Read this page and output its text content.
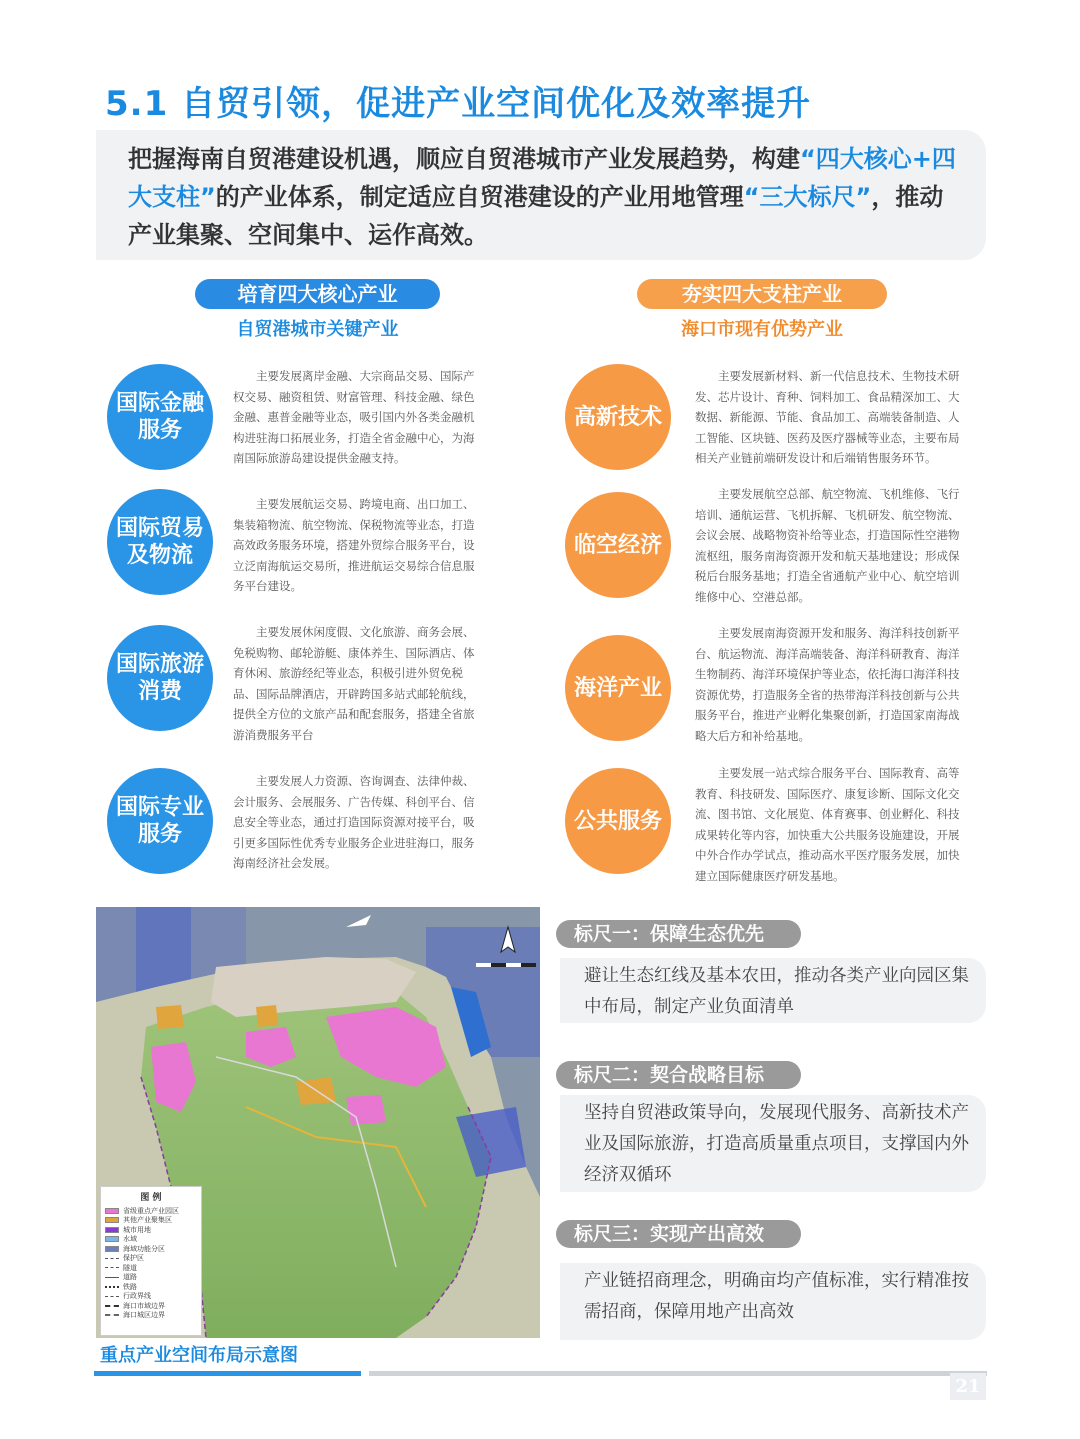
5.1 自贸引领，促进产业空间优化及效率提升
把握海南自贸港建设机遇，顺应自贸港城市产业发展趋势，构建“四大核心+四大支柱”的产业体系，制定适应自贸港建设的产业用地管理“三大标尺”，推动产业集聚、空间集中、运作高效。
培育四大核心产业
自贸港城市关键产业
夯实四大支柱产业
海口市现有优势产业
国际金融服务
主要发展离岸金融、大宗商品交易、国际产权交易、融资租赁、财富管理、科技金融、绿色金融、惠普金融等业态，吸引国内外各类金融机构进驻海口拓展业务，打造全省金融中心，为海南国际旅游岛建设提供金融支持。
国际贸易及物流
主要发展航运交易、跨境电商、出口加工、集装箱物流、航空物流、保税物流等业态，打造高效政务服务环境，搭建外贸综合服务平台，设立泛南海航运交易所，推进航运交易综合信息服务平台建设。
国际旅游消费
主要发展休闲度假、文化旅游、商务会展、免税购物、邮轮游艇、康体养生、国际酒店、体育休闲、旅游经纪等业态，积极引进外贸免税品、国际品牌酒店，开辟跨国多站式邮轮航线，提供全方位的文旅产品和配套服务，搭建全省旅游消费服务平台
国际专业服务
主要发展人力资源、咨询调查、法律仲裁、会计服务、会展服务、广告传媒、科创平台、信息安全等业态，通过打造国际资源对接平台，吸引更多国际性优秀专业服务企业进驻海口，服务海南经济社会发展。
高新技术
主要发展新材料、新一代信息技术、生物技术研发、芯片设计、育种、饲料加工、食品精深加工、大数据、新能源、节能、食品加工、高端装备制造、人工智能、区块链、医药及医疗器械等业态，主要布局相关产业链前端研发设计和后端销售服务环节。
临空经济
主要发展航空总部、航空物流、飞机维修、飞行培训、通航运营、飞机拆解、飞机研发、航空物流、会议会展、战略物资补给等业态，打造国际性空港物流枢纽，服务南海资源开发和航天基地建设；形成保税后台服务基地；打造全省通航产业中心、航空培训维修中心、空港总部。
海洋产业
主要发展南海资源开发和服务、海洋科技创新平台、航运物流、海洋高端装备、海洋科研教育、海洋生物制药、海洋环境保护等业态，依托海口海洋科技资源优势，打造服务全省的热带海洋科技创新与公共服务平台，推进产业孵化集聚创新，打造国家南海战略大后方和补给基地。
公共服务
主要发展一站式综合服务平台、国际教育、高等教育、科技研发、国际医疗、康复诊断、国际文化交流、图书馆、文化展览、体育赛事、创业孵化、科技成果转化等内容，加快重大公共服务设施建设，开展中外合作办学试点，推动高水平医疗服务发展，加快建立国际健康医疗研发基地。
图 例
省级重点产业园区
其他产业聚集区
城市用地
水域
海域功能分区
保护区
隧道
道路
铁路
行政界线
海口市域边界
海口城区边界
重点产业空间布局示意图
21
标尺一：保障生态优先
避让生态红线及基本农田，推动各类产业向园区集中布局，制定产业负面清单
标尺二：契合战略目标
坚持自贸港政策导向，发展现代服务、高新技术产业及国际旅游，打造高质量重点项目，支撑国内外经济双循环
标尺三：实现产出高效
产业链招商理念，明确亩均产值标准，实行精准按需招商，保障用地产出高效
